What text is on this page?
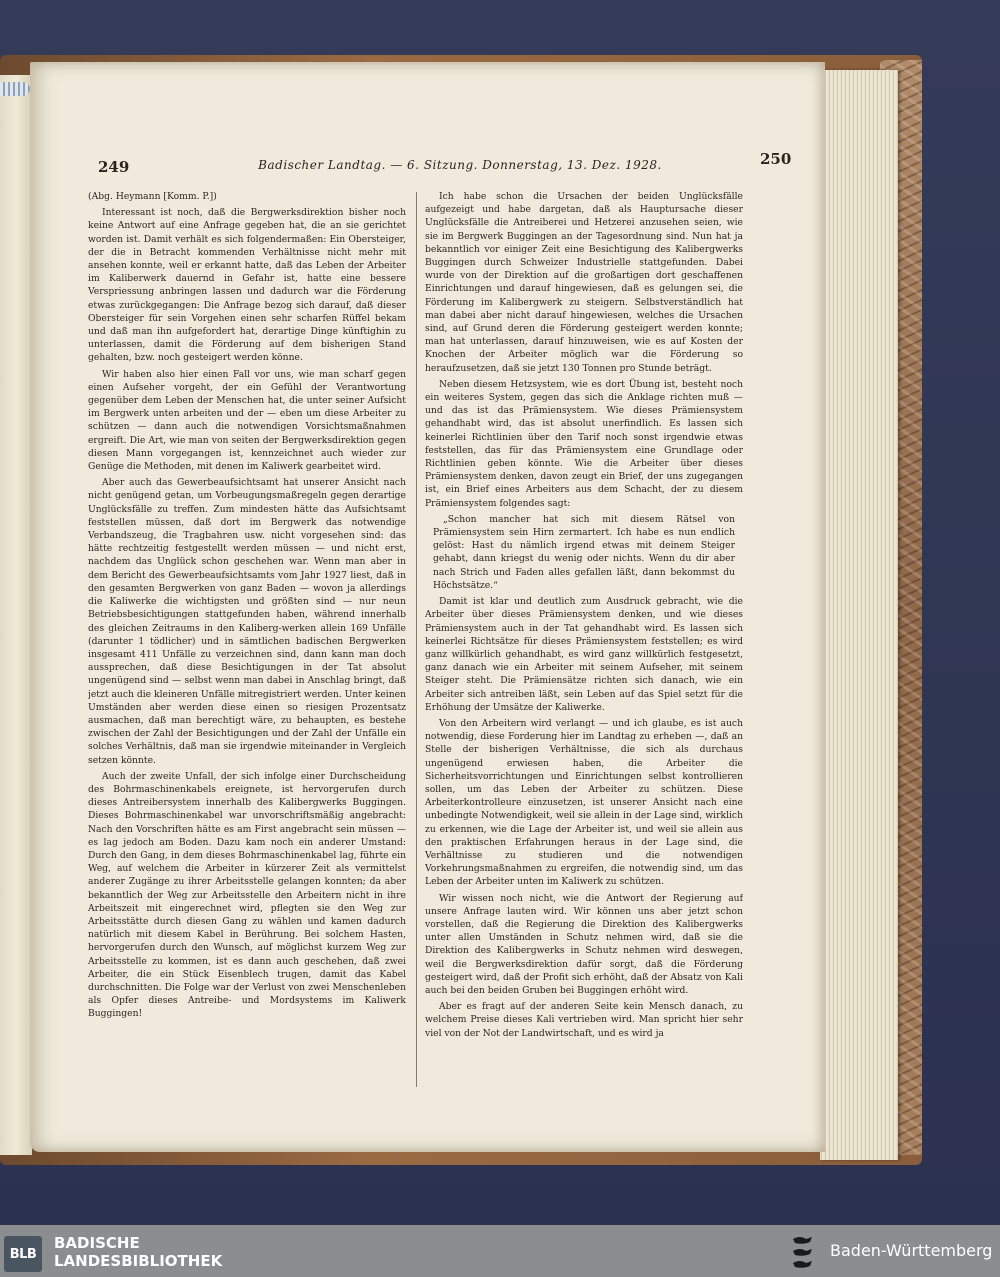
249	Badischer Landtag. — 6. Sitzung. Donnerstag, 13. Dez. 1928.	250

(Abg. Heymann [Komm. P.])

Interessant ist noch, daß die Bergwerksdirektion bisher noch keine Antwort auf eine Anfrage gegeben hat, die an sie gerichtet worden ist. Damit verhält es sich folgendermaßen: Ein Obersteiger, der die in Betracht kommenden Verhältnisse nicht mehr mit ansehen konnte, weil er erkannt hatte, daß das Leben der Arbeiter im Kaliberwerk dauernd in Gefahr ist, hatte eine bessere Verspriessung anbringen lassen und dadurch war die Förderung etwas zurückgegangen: Die Anfrage bezog sich darauf, daß dieser Obersteiger für sein Vorgehen einen sehr scharfen Rüffel bekam und daß man ihn aufgefordert hat, derartige Dinge künftighin zu unterlassen, damit die Förderung auf dem bisherigen Stand gehalten, bzw. noch gesteigert werden könne.

Wir haben also hier einen Fall vor uns, wie man scharf gegen einen Aufseher vorgeht, der ein Gefühl der Verantwortung gegenüber dem Leben der Menschen hat, die unter seiner Aufsicht im Bergwerk unten arbeiten und der — eben um diese Arbeiter zu schützen — dann auch die notwendigen Vorsichtsmaßnahmen ergreift. Die Art, wie man von seiten der Bergwerksdirektion gegen diesen Mann vorgegangen ist, kennzeichnet auch wieder zur Genüge die Methoden, mit denen im Kaliwerk gearbeitet wird.

Aber auch das Gewerbeaufsichtsamt hat unserer Ansicht nach nicht genügend getan, um Vorbeugungsmaßregeln gegen derartige Unglücksfälle zu treffen. Zum mindesten hätte das Aufsichtsamt feststellen müssen, daß dort im Bergwerk das notwendige Verbandszeug, die Tragbahren usw. nicht vorgesehen sind: das hätte rechtzeitig festgestellt werden müssen — und nicht erst, nachdem das Unglück schon geschehen war. Wenn man aber in dem Bericht des Gewerbeaufsichtsamts vom Jahr 1927 liest, daß in den gesamten Bergwerken von ganz Baden — wovon ja allerdings die Kaliwerke die wichtigsten und größten sind — nur neun Betriebsbesichtigungen stattgefunden haben, während innerhalb des gleichen Zeitraums in den Kaliberg-werken allein 169 Unfälle (darunter 1 tödlicher) und in sämtlichen badischen Bergwerken insgesamt 411 Unfälle zu verzeichnen sind, dann kann man doch aussprechen, daß diese Besichtigungen in der Tat absolut ungenügend sind — selbst wenn man dabei in Anschlag bringt, daß jetzt auch die kleineren Unfälle mitregistriert werden. Unter keinen Umständen aber werden diese einen so riesigen Prozentsatz ausmachen, daß man berechtigt wäre, zu behaupten, es bestehe zwischen der Zahl der Besichtigungen und der Zahl der Unfälle ein solches Verhältnis, daß man sie irgendwie miteinander in Vergleich setzen könnte.

Auch der zweite Unfall, der sich infolge einer Durchscheidung des Bohrmaschinenkabels ereignete, ist hervorgerufen durch dieses Antreibersystem innerhalb des Kalibergwerks Buggingen. Dieses Bohrmaschinenkabel war unvorschriftsmäßig angebracht: Nach den Vorschriften hätte es am First angebracht sein müssen — es lag jedoch am Boden. Dazu kam noch ein anderer Umstand: Durch den Gang, in dem dieses Bohrmaschinenkabel lag, führte ein Weg, auf welchem die Arbeiter in kürzerer Zeit als vermittelst anderer Zugänge zu ihrer Arbeitsstelle gelangen konnten; da aber bekanntlich der Weg zur Arbeitsstelle den Arbeitern nicht in ihre Arbeitszeit mit eingerechnet wird, pflegten sie den Weg zur Arbeitsstätte durch diesen Gang zu wählen und kamen dadurch natürlich mit diesem Kabel in Berührung. Bei solchem Hasten, hervorgerufen durch den Wunsch, auf möglichst kurzem Weg zur Arbeitsstelle zu kommen, ist es dann auch geschehen, daß zwei Arbeiter, die ein Stück Eisenblech trugen, damit das Kabel durchschnitten. Die Folge war der Verlust von zwei Menschenleben als Opfer dieses Antreibe- und Mordsystems im Kaliwerk Buggingen!

Ich habe schon die Ursachen der beiden Unglücksfälle aufgezeigt und habe dargetan, daß als Hauptursache dieser Unglücksfälle die Antreiberei und Hetzerei anzusehen seien, wie sie im Bergwerk Buggingen an der Tagesordnung sind. Nun hat ja bekanntlich vor einiger Zeit eine Besichtigung des Kalibergwerks Buggingen durch Schweizer Industrielle stattgefunden. Dabei wurde von der Direktion auf die großartigen dort geschaffenen Einrichtungen und darauf hingewiesen, daß es gelungen sei, die Förderung im Kalibergwerk zu steigern. Selbstverständlich hat man dabei aber nicht darauf hingewiesen, welches die Ursachen sind, auf Grund deren die Förderung gesteigert werden konnte; man hat unterlassen, darauf hinzuweisen, wie es auf Kosten der Knochen der Arbeiter möglich war die Förderung so heraufzusetzen, daß sie jetzt 130 Tonnen pro Stunde beträgt.

Neben diesem Hetzsystem, wie es dort Übung ist, besteht noch ein weiteres System, gegen das sich die Anklage richten muß — und das ist das Prämiensystem. Wie dieses Prämiensystem gehandhabt wird, das ist absolut unerfindlich. Es lassen sich keinerlei Richtlinien über den Tarif noch sonst irgendwie etwas feststellen, das für das Prämiensystem eine Grundlage oder Richtlinien geben könnte. Wie die Arbeiter über dieses Prämiensystem denken, davon zeugt ein Brief, der uns zugegangen ist, ein Brief eines Arbeiters aus dem Schacht, der zu diesem Prämiensystem folgendes sagt:

„Schon mancher hat sich mit diesem Rätsel von Prämiensystem sein Hirn zermartert. Ich habe es nun endlich gelöst: Hast du nämlich irgend etwas mit deinem Steiger gehabt, dann kriegst du wenig oder nichts. Wenn du dir aber nach Strich und Faden alles gefallen läßt, dann bekommst du Höchstsätze.“

Damit ist klar und deutlich zum Ausdruck gebracht, wie die Arbeiter über dieses Prämiensystem denken, und wie dieses Prämiensystem auch in der Tat gehandhabt wird. Es lassen sich keinerlei Richtsätze für dieses Prämiensystem feststellen; es wird ganz willkürlich gehandhabt, es wird ganz willkürlich festgesetzt, ganz danach wie ein Arbeiter mit seinem Aufseher, mit seinem Steiger steht. Die Prämiensätze richten sich danach, wie ein Arbeiter sich antreiben läßt, sein Leben auf das Spiel setzt für die Erhöhung der Umsätze der Kaliwerke.

Von den Arbeitern wird verlangt — und ich glaube, es ist auch notwendig, diese Forderung hier im Landtag zu erheben —, daß an Stelle der bisherigen Verhältnisse, die sich als durchaus ungenügend erwiesen haben, die Arbeiter die Sicherheitsvorrichtungen und Einrichtungen selbst kontrollieren sollen, um das Leben der Arbeiter zu schützen. Diese Arbeiterkontrolleure einzusetzen, ist unserer Ansicht nach eine unbedingte Notwendigkeit, weil sie allein in der Lage sind, wirklich zu erkennen, wie die Lage der Arbeiter ist, und weil sie allein aus den praktischen Erfahrungen heraus in der Lage sind, die Verhältnisse zu studieren und die notwendigen Vorkehrungsmaßnahmen zu ergreifen, die notwendig sind, um das Leben der Arbeiter unten im Kaliwerk zu schützen.

Wir wissen noch nicht, wie die Antwort der Regierung auf unsere Anfrage lauten wird. Wir können uns aber jetzt schon vorstellen, daß die Regierung die Direktion des Kalibergwerks unter allen Umständen in Schutz nehmen wird, daß sie die Direktion des Kalibergwerks in Schutz nehmen wird deswegen, weil die Bergwerksdirektion dafür sorgt, daß die Förderung gesteigert wird, daß der Profit sich erhöht, daß der Absatz von Kali auch bei den beiden Gruben bei Buggingen erhöht wird.

Aber es fragt auf der anderen Seite kein Mensch danach, zu welchem Preise dieses Kali vertrieben wird. Man spricht hier sehr viel von der Not der Landwirtschaft, und es wird ja

BLB
BADISCHE
LANDESBIBLIOTHEK
Baden-Württemberg
